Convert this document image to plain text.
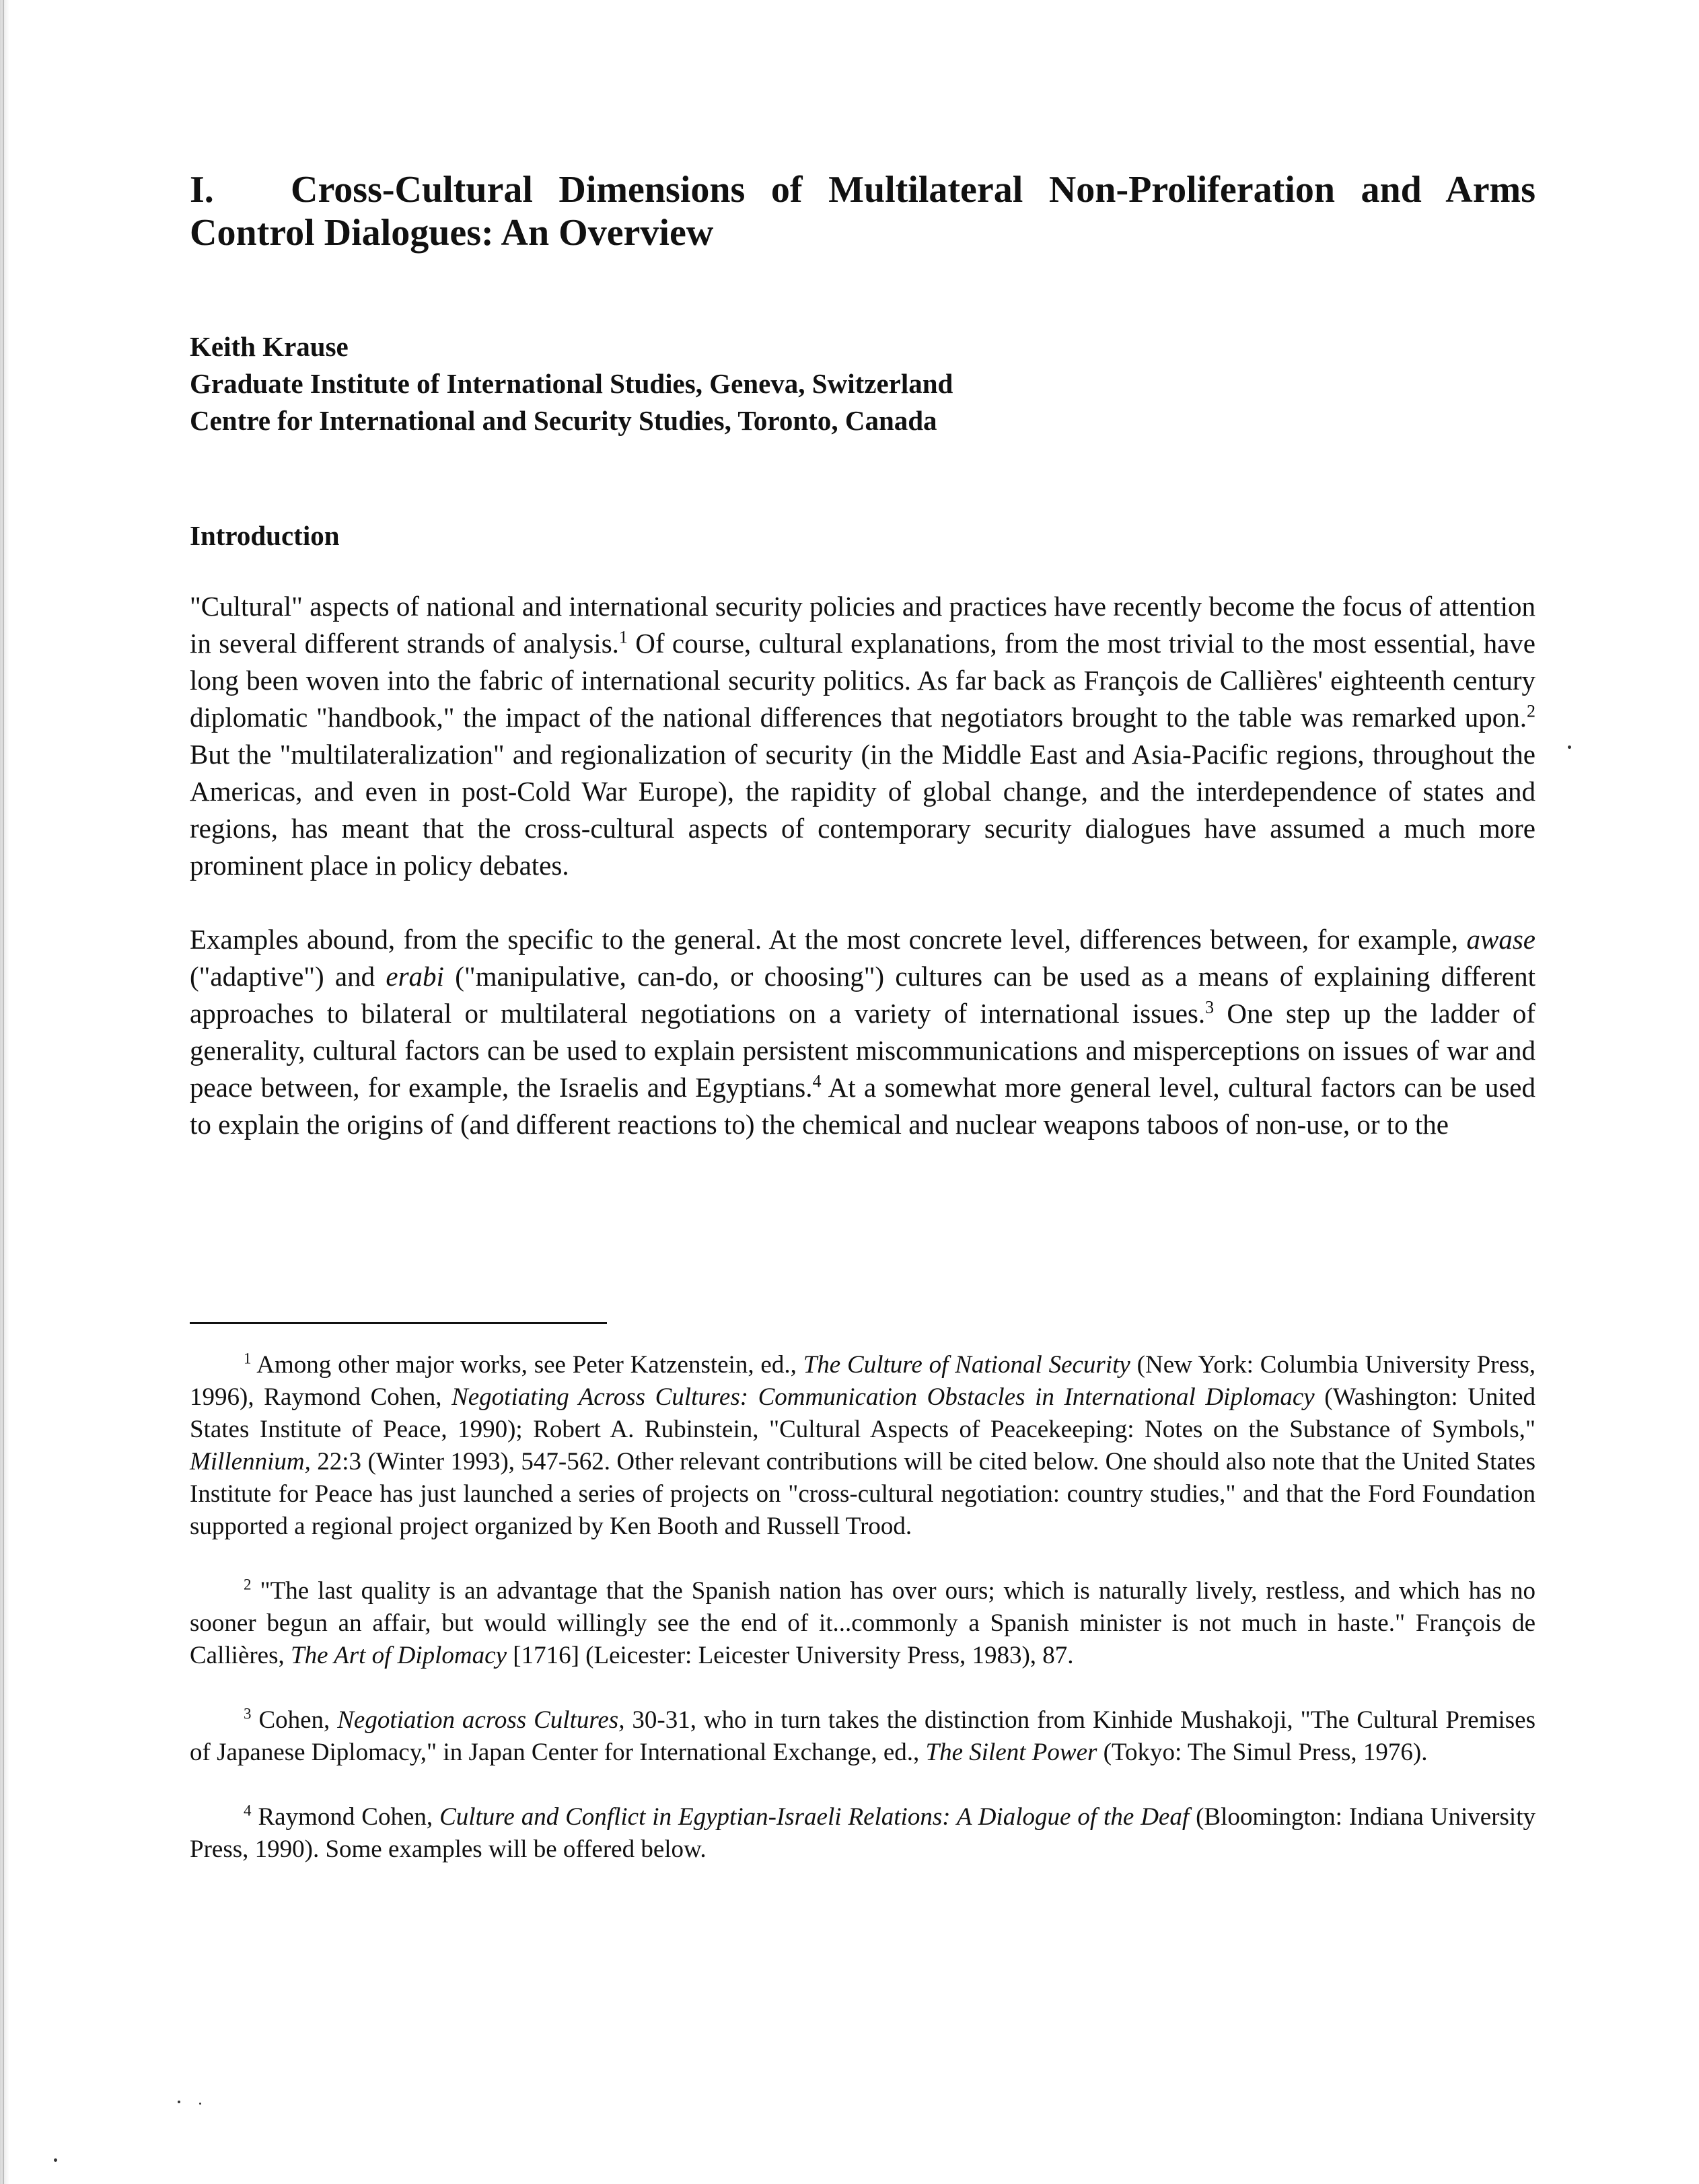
I. Cross-Cultural Dimensions of Multilateral Non-Proliferation and Arms Control Dialogues: An Overview
Keith Krause
Graduate Institute of International Studies, Geneva, Switzerland
Centre for International and Security Studies, Toronto, Canada
Introduction

"Cultural" aspects of national and international security policies and practices have recently become the focus of attention in several different strands of analysis.$^1$ Of course, cultural explanations, from the most trivial to the most essential, have long been woven into the fabric of international security politics. As far back as François de Callières' eighteenth century diplomatic "handbook," the impact of the national differences that negotiators brought to the table was remarked upon.$^2$ But the "multilateralization" and regionalization of security (in the Middle East and Asia-Pacific regions, throughout the Americas, and even in post-Cold War Europe), the rapidity of global change, and the interdependence of states and regions, has meant that the cross-cultural aspects of contemporary security dialogues have assumed a much more prominent place in policy debates.

Examples abound, from the specific to the general. At the most concrete level, differences between, for example, awase ("adaptive") and erabi ("manipulative, can-do, or choosing") cultures can be used as a means of explaining different approaches to bilateral or multilateral negotiations on a variety of international issues.$^3$ One step up the ladder of generality, cultural factors can be used to explain persistent miscommunications and misperceptions on issues of war and peace between, for example, the Israelis and Egyptians.$^4$ At a somewhat more general level, cultural factors can be used to explain the origins of (and different reactions to) the chemical and nuclear weapons taboos of non-use, or to the

$^1$ Among other major works, see Peter Katzenstein, ed., The Culture of National Security (New York: Columbia University Press, 1996), Raymond Cohen, Negotiating Across Cultures: Communication Obstacles in International Diplomacy (Washington: United States Institute of Peace, 1990); Robert A. Rubinstein, "Cultural Aspects of Peacekeeping: Notes on the Substance of Symbols," Millennium, 22:3 (Winter 1993), 547-562. Other relevant contributions will be cited below. One should also note that the United States Institute for Peace has just launched a series of projects on "cross-cultural negotiation: country studies," and that the Ford Foundation supported a regional project organized by Ken Booth and Russell Trood.

$^2$ "The last quality is an advantage that the Spanish nation has over ours; which is naturally lively, restless, and which has no sooner begun an affair, but would willingly see the end of it...commonly a Spanish minister is not much in haste." François de Callières, The Art of Diplomacy [1716] (Leicester: Leicester University Press, 1983), 87.

$^3$ Cohen, Negotiation across Cultures, 30-31, who in turn takes the distinction from Kinhide Mushakoji, "The Cultural Premises of Japanese Diplomacy," in Japan Center for International Exchange, ed., The Silent Power (Tokyo: The Simul Press, 1976).

$^4$ Raymond Cohen, Culture and Conflict in Egyptian-Israeli Relations: A Dialogue of the Deaf (Bloomington: Indiana University Press, 1990). Some examples will be offered below.
